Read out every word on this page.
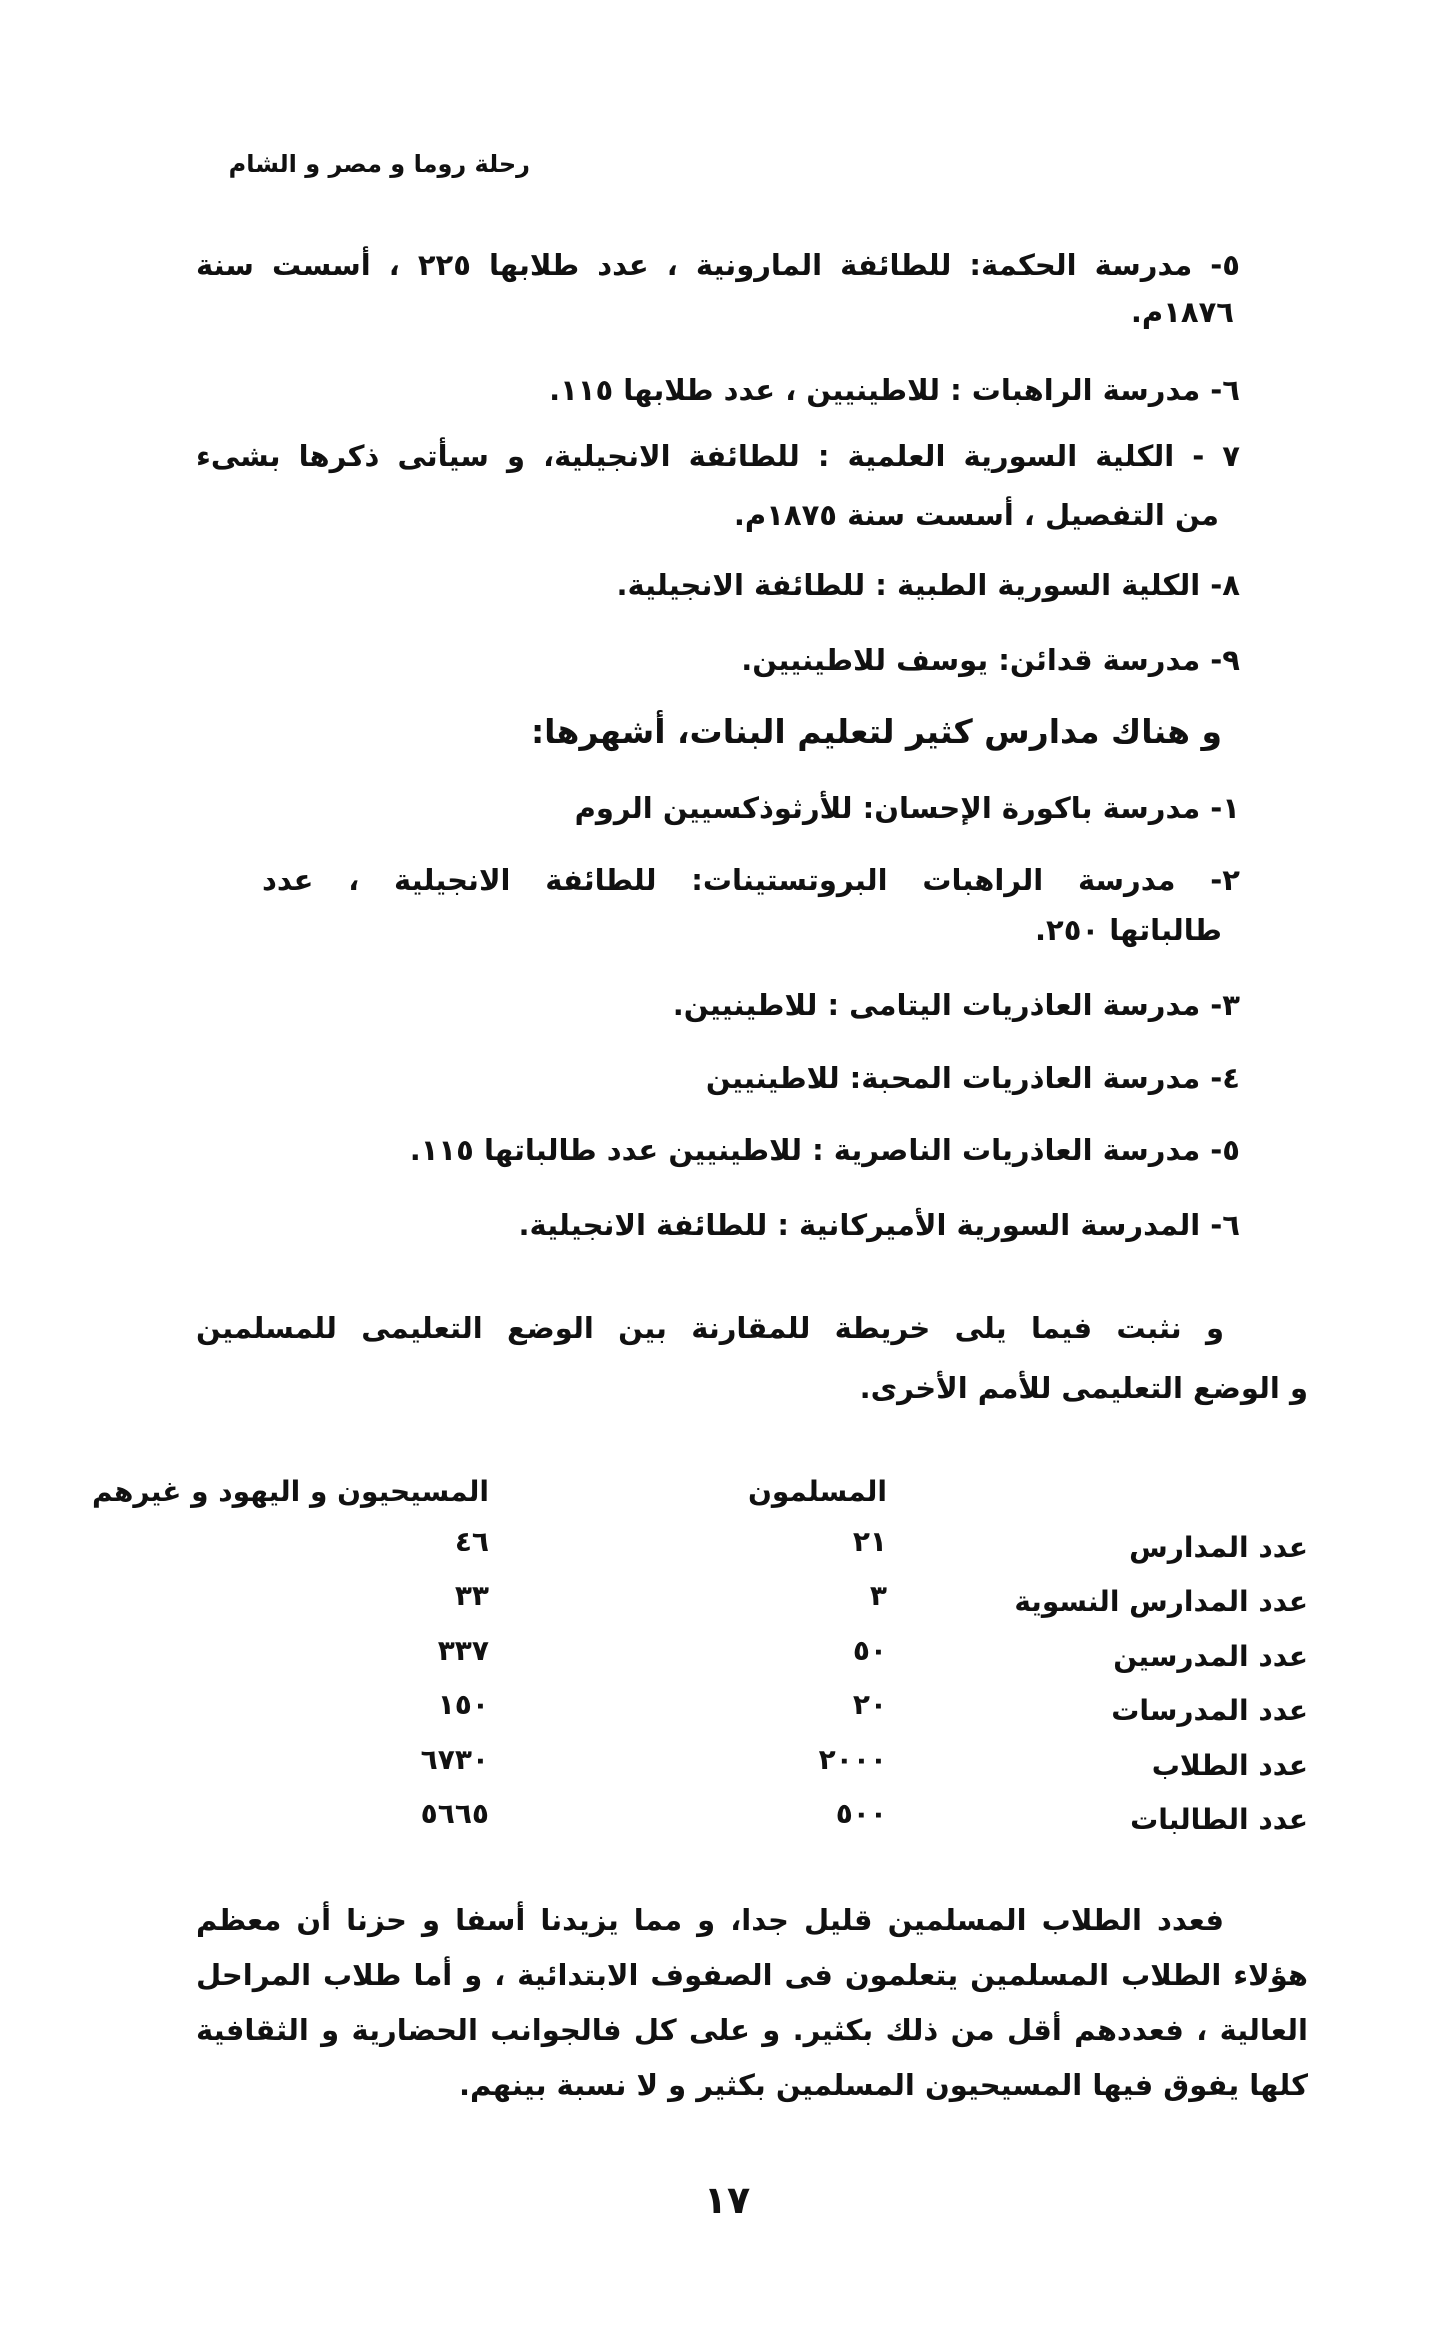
رحلة روما و مصر و الشام
٥- مدرسة الحكمة: للطائفة المارونية ، عدد طلابها ٢٢٥ ، أسست سنة
١٨٧٦م.
٦- مدرسة الراهبات : للاطينيين ، عدد طلابها ١١٥.
٧ - الكلية السورية العلمية : للطائفة الانجيلية، و سيأتى ذكرها بشىء
من التفصيل ، أسست سنة ١٨٧٥م.
٨- الكلية السورية الطبية : للطائفة الانجيلية.
٩- مدرسة قدائن: يوسف للاطينيين.
و هناك مدارس كثير لتعليم البنات، أشهرها:
١- مدرسة باكورة الإحسان: للأرثوذكسيين الروم
٢- مدرسة الراهبات البروتستينات: للطائفة الانجيلية ، عدد
طالباتها ٢٥٠.
٣- مدرسة العاذريات اليتامى : للاطينيين.
٤- مدرسة العاذريات المحبة: للاطينيين
٥- مدرسة العاذريات الناصرية : للاطينيين عدد طالباتها ١١٥.
٦- المدرسة السورية الأميركانية : للطائفة الانجيلية.
و نثبت فيما يلى خريطة للمقارنة بين الوضع التعليمى للمسلمين
و الوضع التعليمى للأمم الأخرى.
المسلمون
المسيحيون و اليهود و غيرهم
عدد المدارس
٢١
٤٦
عدد المدارس النسوية
٣
٣٣
عدد المدرسين
٥٠
٣٣٧
عدد المدرسات
٢٠
١٥٠
عدد الطلاب
٢٠٠٠
٦٧٣٠
عدد الطالبات
٥٠٠
٥٦٦٥
فعدد الطلاب المسلمين قليل جدا، و مما يزيدنا أسفا و حزنا أن معظم
هؤلاء الطلاب المسلمين يتعلمون فى الصفوف الابتدائية ، و أما طلاب المراحل
العالية ، فعددهم أقل من ذلك بكثير. و على كل فالجوانب الحضارية و الثقافية
كلها يفوق فيها المسيحيون المسلمين بكثير و لا نسبة بينهم.
١٧
